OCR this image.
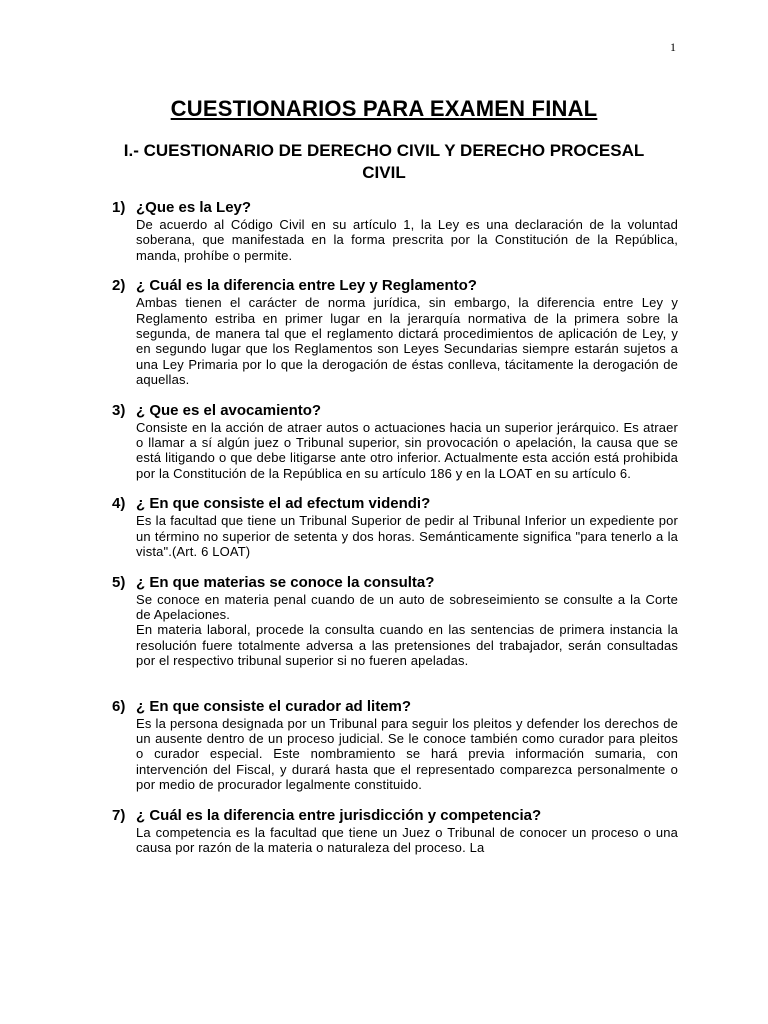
1
CUESTIONARIOS PARA EXAMEN FINAL
I.- CUESTIONARIO DE DERECHO CIVIL Y DERECHO PROCESAL CIVIL
1) ¿Que es la Ley?

De acuerdo al Código Civil en su artículo 1, la Ley es una declaración de la voluntad soberana, que manifestada en la forma prescrita por la Constitución de la República, manda, prohíbe o permite.

2) ¿ Cuál es la diferencia entre Ley y Reglamento?

Ambas tienen el carácter de norma jurídica, sin embargo, la diferencia entre Ley y Reglamento estriba en primer lugar en la jerarquía normativa de la primera sobre la segunda, de manera tal que el reglamento dictará procedimientos de aplicación de Ley, y en segundo lugar que los Reglamentos son Leyes Secundarias siempre estarán sujetos a una Ley Primaria por lo que la derogación de éstas conlleva, tácitamente la derogación de aquellas.

3) ¿ Que es el avocamiento?

Consiste en la acción de atraer autos o actuaciones hacia un superior jerárquico. Es atraer o llamar a sí algún juez o Tribunal superior, sin provocación o apelación, la causa que se está litigando o que debe litigarse ante otro inferior. Actualmente esta acción está prohibida por la Constitución de la República en su artículo 186 y en la LOAT en su artículo 6.

4) ¿ En que consiste el ad efectum videndi?

Es la facultad que tiene un Tribunal Superior de pedir al Tribunal Inferior un expediente por un término no superior de setenta y dos horas. Semánticamente significa "para tenerlo a la vista".(Art. 6 LOAT)

5) ¿ En que materias se conoce la consulta?

Se conoce en materia penal cuando de un auto de sobreseimiento se consulte a la Corte de Apelaciones.

En materia laboral, procede la consulta cuando en las sentencias de primera instancia la resolución fuere totalmente adversa a las pretensiones del trabajador, serán consultadas por el respectivo tribunal superior si no fueren apeladas.

6) ¿ En que consiste el curador ad litem?

Es la persona designada por un Tribunal para seguir los pleitos y defender los derechos de un ausente dentro de un proceso judicial. Se le conoce también como curador para pleitos o curador especial. Este nombramiento se hará previa información sumaria, con intervención del Fiscal, y durará hasta que el representado comparezca personalmente o por medio de procurador legalmente constituido.

7) ¿ Cuál es la diferencia entre jurisdicción y competencia?

La competencia es la facultad que tiene un Juez o Tribunal de conocer un proceso o una causa por razón de la materia o naturaleza del proceso. La
